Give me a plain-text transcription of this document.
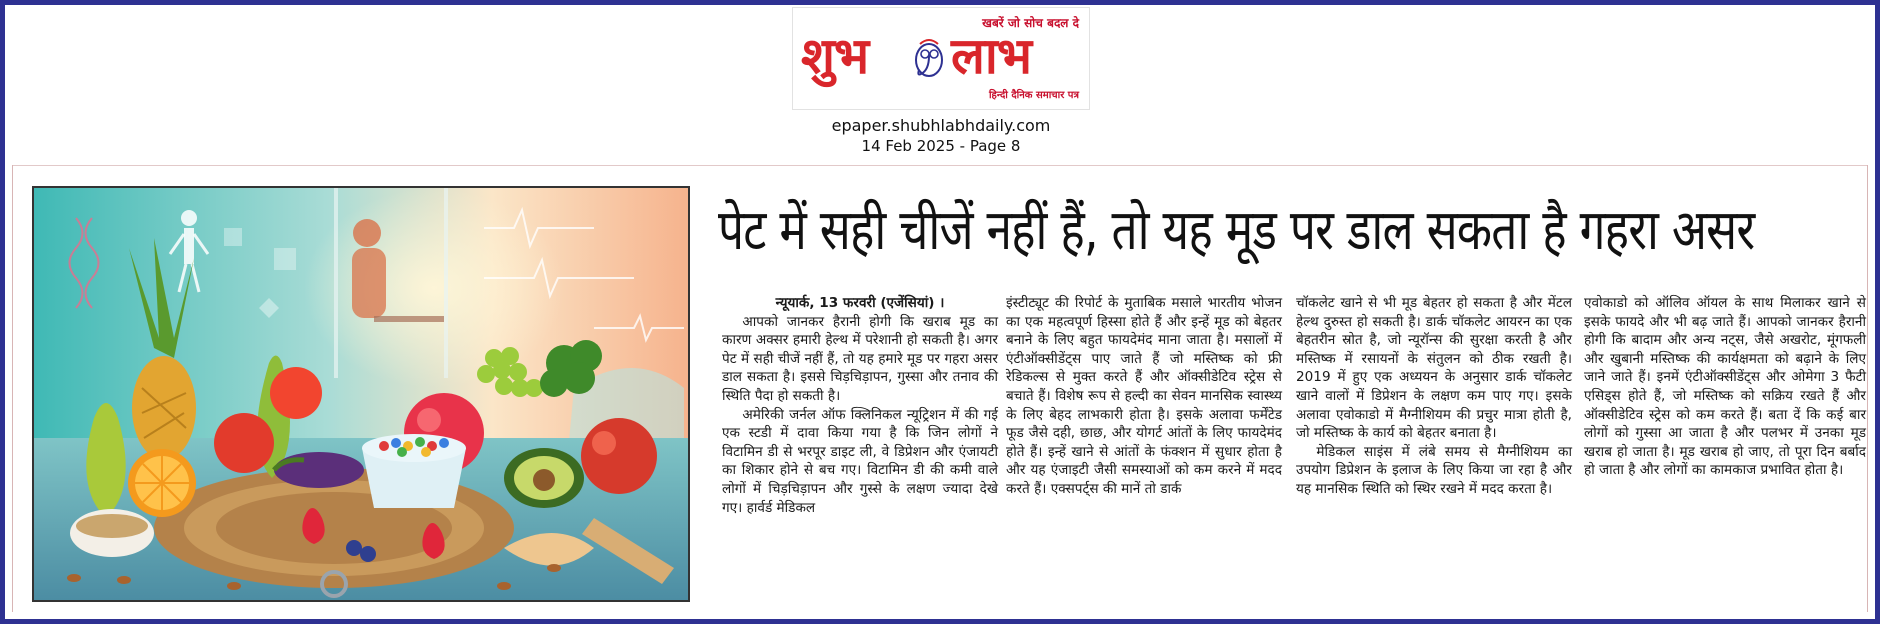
खबरें जो सोच बदल दे
शुभ लाभ
हिन्दी दैनिक समाचार पत्र
epaper.shubhlabhdaily.com
14 Feb 2025 - Page 8
पेट में सही चीजें नहीं हैं, तो यह मूड पर डाल सकता है गहरा असर
न्यूयार्क, 13 फरवरी (एजेंसियां) ।

आपको जानकर हैरानी होगी कि खराब मूड का कारण अक्सर हमारी हेल्थ में परेशानी हो सकती है। अगर पेट में सही चीजें नहीं हैं, तो यह हमारे मूड पर गहरा असर डाल सकता है। इससे चिड़चिड़ापन, गुस्सा और तनाव की स्थिति पैदा हो सकती है।

अमेरिकी जर्नल ऑफ क्लिनिकल न्यूट्रिशन में की गई एक स्टडी में दावा किया गया है कि जिन लोगों ने विटामिन डी से भरपूर डाइट ली, वे डिप्रेशन और एंजायटी का शिकार होने से बच गए। विटामिन डी की कमी वाले लोगों में चिड़चिड़ापन और गुस्से के लक्षण ज्यादा देखे गए। हार्वर्ड मेडिकल

इंस्टीट्यूट की रिपोर्ट के मुताबिक मसाले भारतीय भोजन का एक महत्वपूर्ण हिस्सा होते हैं और इन्हें मूड को बेहतर बनाने के लिए बहुत फायदेमंद माना जाता है। मसालों में एंटीऑक्सीडेंट्स पाए जाते हैं जो मस्तिष्क को फ्री रेडिकल्स से मुक्त करते हैं और ऑक्सीडेटिव स्ट्रेस से बचाते हैं। विशेष रूप से हल्दी का सेवन मानसिक स्वास्थ्य के लिए बेहद लाभकारी होता है। इसके अलावा फर्मेंटेड फूड जैसे दही, छाछ, और योगर्ट आंतों के लिए फायदेमंद होते हैं। इन्हें खाने से आंतों के फंक्शन में सुधार होता है और यह एंजाइटी जैसी समस्याओं को कम करने में मदद करते हैं। एक्सपर्ट्स की मानें तो डार्क

चॉकलेट खाने से भी मूड बेहतर हो सकता है और मेंटल हेल्थ दुरुस्त हो सकती है। डार्क चॉकलेट आयरन का एक बेहतरीन स्रोत है, जो न्यूरॉन्स की सुरक्षा करती है और मस्तिष्क में रसायनों के संतुलन को ठीक रखती है। 2019 में हुए एक अध्ययन के अनुसार डार्क चॉकलेट खाने वालों में डिप्रेशन के लक्षण कम पाए गए। इसके अलावा एवोकाडो में मैग्नीशियम की प्रचुर मात्रा होती है, जो मस्तिष्क के कार्य को बेहतर बनाता है।

मेडिकल साइंस में लंबे समय से मैग्नीशियम का उपयोग डिप्रेशन के इलाज के लिए किया जा रहा है और यह मानसिक स्थिति को स्थिर रखने में मदद करता है।

एवोकाडो को ऑलिव ऑयल के साथ मिलाकर खाने से इसके फायदे और भी बढ़ जाते हैं। आपको जानकर हैरानी होगी कि बादाम और अन्य नट्स, जैसे अखरोट, मूंगफली और खुबानी मस्तिष्क की कार्यक्षमता को बढ़ाने के लिए जाने जाते हैं। इनमें एंटीऑक्सीडेंट्स और ओमेगा 3 फैटी एसिड्स होते हैं, जो मस्तिष्क को सक्रिय रखते हैं और ऑक्सीडेटिव स्ट्रेस को कम करते हैं। बता दें कि कई बार लोगों को गुस्सा आ जाता है और पलभर में उनका मूड खराब हो जाता है। मूड खराब हो जाए, तो पूरा दिन बर्बाद हो जाता है और लोगों का कामकाज प्रभावित होता है।
